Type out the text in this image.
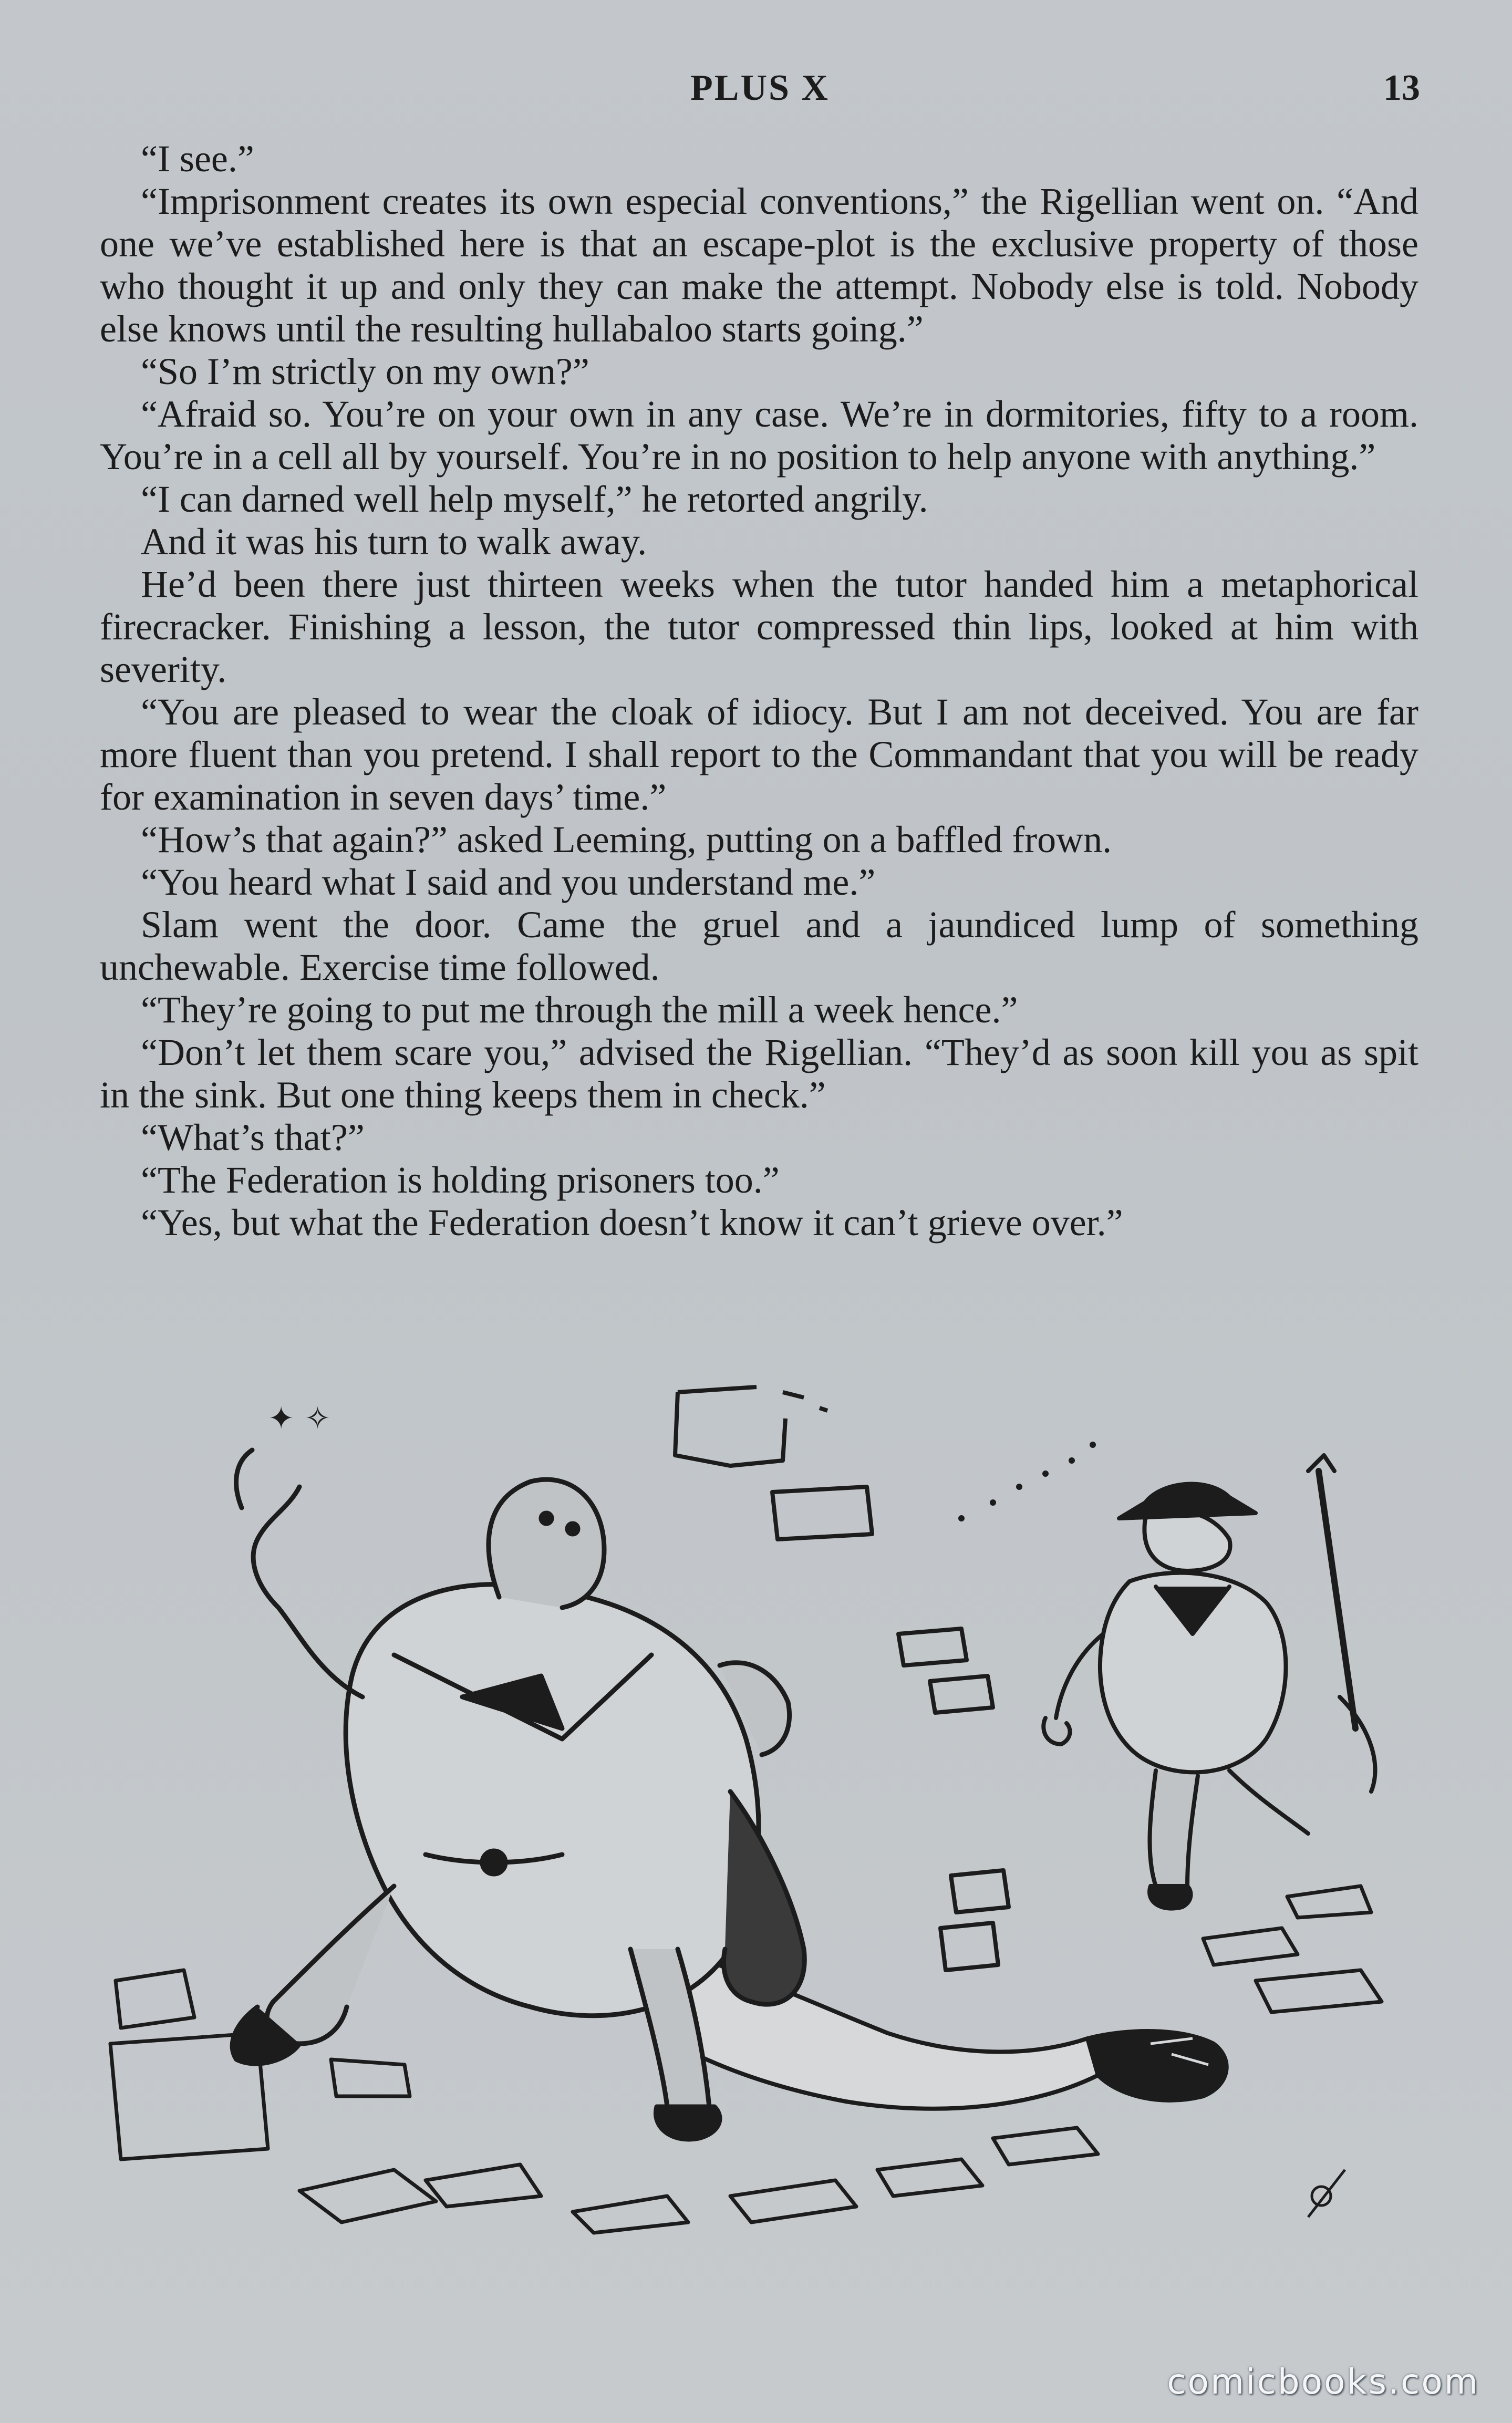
PLUS X	13

“I see.”

“Imprisonment creates its own especial conventions,” the Rigellian went on. “And one we’ve established here is that an escape-plot is the exclusive property of those who thought it up and only they can make the attempt. Nobody else is told. Nobody else knows until the resulting hullabaloo starts going.”

“So I’m strictly on my own?”

“Afraid so. You’re on your own in any case. We’re in dormitories, fifty to a room. You’re in a cell all by yourself. You’re in no position to help anyone with anything.”

“I can darned well help myself,” he retorted angrily.

And it was his turn to walk away.

He’d been there just thirteen weeks when the tutor handed him a metaphorical firecracker. Finishing a lesson, the tutor compressed thin lips, looked at him with severity.

“You are pleased to wear the cloak of idiocy. But I am not deceived. You are far more fluent than you pretend. I shall report to the Commandant that you will be ready for examination in seven days’ time.”

“How’s that again?” asked Leeming, putting on a baffled frown.

“You heard what I said and you understand me.”

Slam went the door. Came the gruel and a jaundiced lump of something unchewable. Exercise time followed.

“They’re going to put me through the mill a week hence.”

“Don’t let them scare you,” advised the Rigellian. “They’d as soon kill you as spit in the sink. But one thing keeps them in check.”

“What’s that?”

“The Federation is holding prisoners too.”

“Yes, but what the Federation doesn’t know it can’t grieve over.”

✦ ✧
comicbooks.com
